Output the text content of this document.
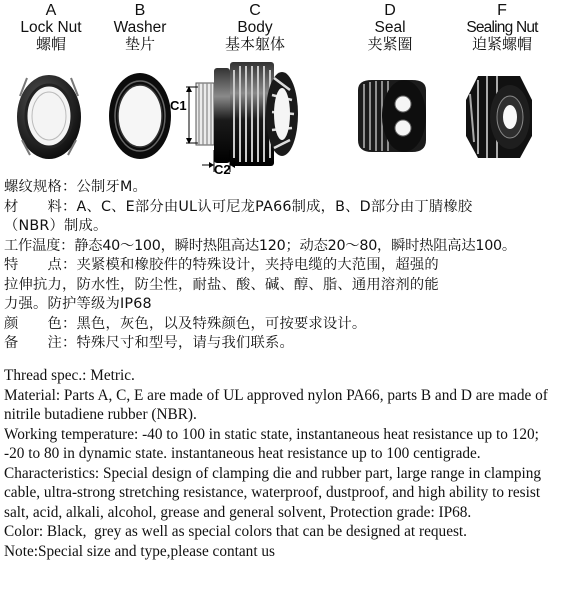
A
Lock Nut
螺帽
B
Washer
垫片
C
Body
基本躯体
D
Seal
夹紧圈
F
Sealing Nut
迫紧螺帽
C1
C2
螺纹规格：公制牙M。
材　　料：A、C、E部分由UL认可尼龙PA66制成，B、D部分由丁腈橡胶
（NBR）制成。
工作温度：静态40～100，瞬时热阻高达120；动态20～80，瞬时热阻高达100。
特　　点：夹紧模和橡胶件的特殊设计，夹持电缆的大范围，超强的
拉伸抗力，防水性，防尘性，耐盐、酸、碱、醇、脂、通用溶剂的能
力强。防护等级为IP68
颜　　色：黑色，灰色，以及特殊颜色，可按要求设计。
备　　注：特殊尺寸和型号，请与我们联系。

Thread spec.: Metric.

Material: Parts A, C, E are made of UL approved nylon PA66, parts B and D are made of nitrile butadiene rubber (NBR).

Working temperature: -40 to 100 in static state, instantaneous heat resistance up to 120; -20 to 80 in dynamic state. instantaneous heat resistance up to 100 centigrade.

Characteristics: Special design of clamping die and rubber part, large range in clamping cable, ultra-strong stretching resistance, waterproof, dustproof, and high ability to resist salt, acid, alkali, alcohol, grease and general solvent, Protection grade: IP68.

Color: Black,  grey as well as special colors that can be designed at request.

Note:Special size and type,please contant us
